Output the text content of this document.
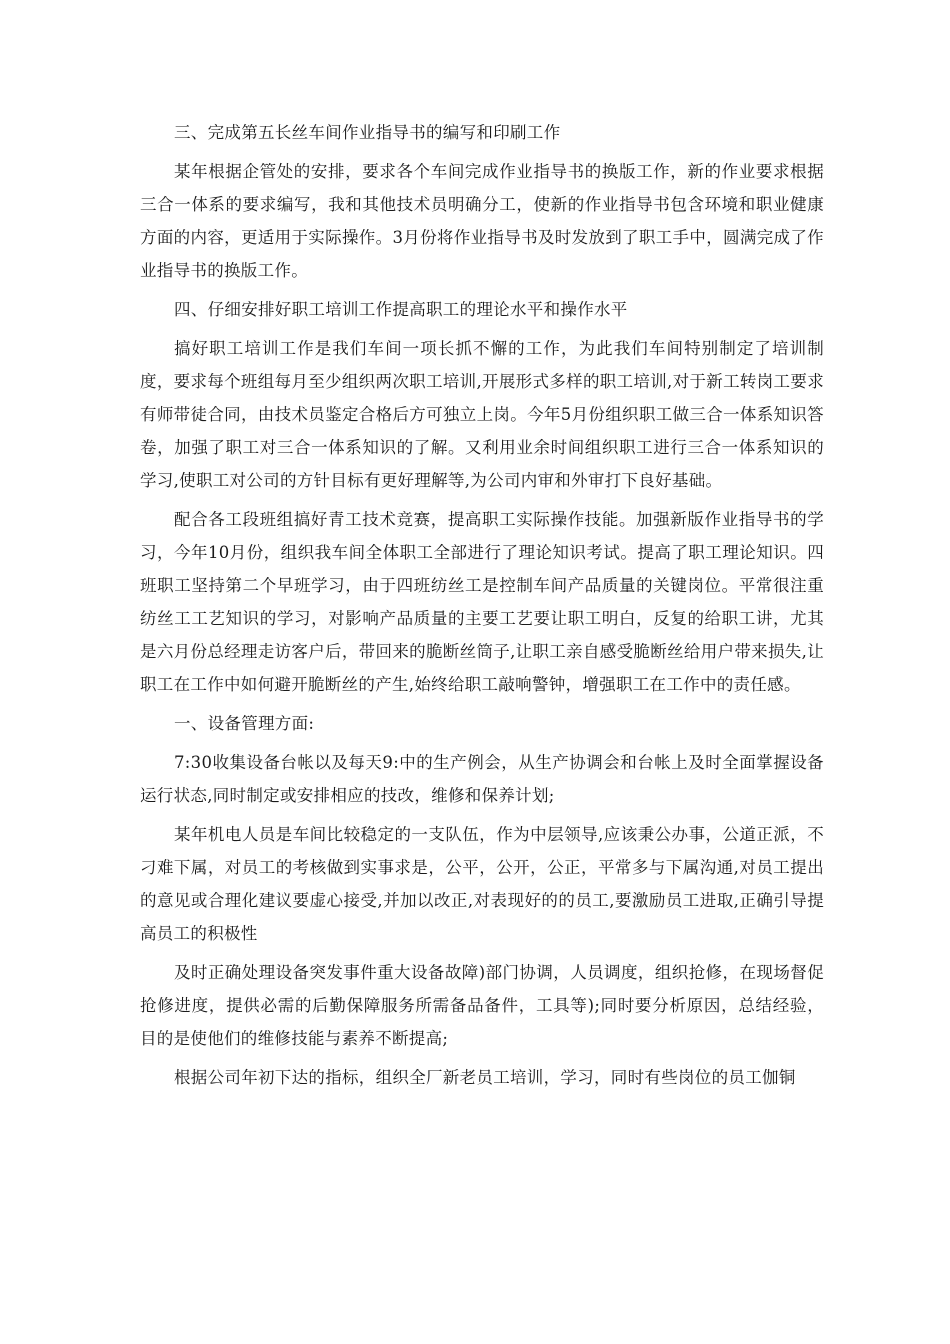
三、完成第五长丝车间作业指导书的编写和印刷工作

某年根据企管处的安排，要求各个车间完成作业指导书的换版工作，新的作业要求根据三合一体系的要求编写，我和其他技术员明确分工，使新的作业指导书包含环境和职业健康方面的内容，更适用于实际操作。3月份将作业指导书及时发放到了职工手中，圆满完成了作业指导书的换版工作。

四、仔细安排好职工培训工作提高职工的理论水平和操作水平

搞好职工培训工作是我们车间一项长抓不懈的工作，为此我们车间特别制定了培训制度，要求每个班组每月至少组织两次职工培训,开展形式多样的职工培训,对于新工转岗工要求有师带徒合同，由技术员鉴定合格后方可独立上岗。今年5月份组织职工做三合一体系知识答卷，加强了职工对三合一体系知识的了解。又利用业余时间组织职工进行三合一体系知识的学习,使职工对公司的方针目标有更好理解等,为公司内审和外审打下良好基础。

配合各工段班组搞好青工技术竞赛，提高职工实际操作技能。加强新版作业指导书的学习，今年10月份，组织我车间全体职工全部进行了理论知识考试。提高了职工理论知识。四班职工坚持第二个早班学习，由于四班纺丝工是控制车间产品质量的关键岗位。平常很注重纺丝工工艺知识的学习，对影响产品质量的主要工艺要让职工明白，反复的给职工讲，尤其是六月份总经理走访客户后，带回来的脆断丝筒子,让职工亲自感受脆断丝给用户带来损失,让职工在工作中如何避开脆断丝的产生,始终给职工敲响警钟，增强职工在工作中的责任感。

一、设备管理方面:

7:30收集设备台帐以及每天9:中的生产例会，从生产协调会和台帐上及时全面掌握设备运行状态,同时制定或安排相应的技改，维修和保养计划;

某年机电人员是车间比较稳定的一支队伍，作为中层领导,应该秉公办事，公道正派，不刁难下属，对员工的考核做到实事求是，公平，公开，公正，平常多与下属沟通,对员工提出的意见或合理化建议要虚心接受,并加以改正,对表现好的的员工,要激励员工进取,正确引导提高员工的积极性

及时正确处理设备突发事件重大设备故障)部门协调，人员调度，组织抢修，在现场督促抢修进度，提供必需的后勤保障服务所需备品备件，工具等);同时要分析原因，总结经验，目的是使他们的维修技能与素养不断提高;

根据公司年初下达的指标，组织全厂新老员工培训，学习，同时有些岗位的员工伽铜
